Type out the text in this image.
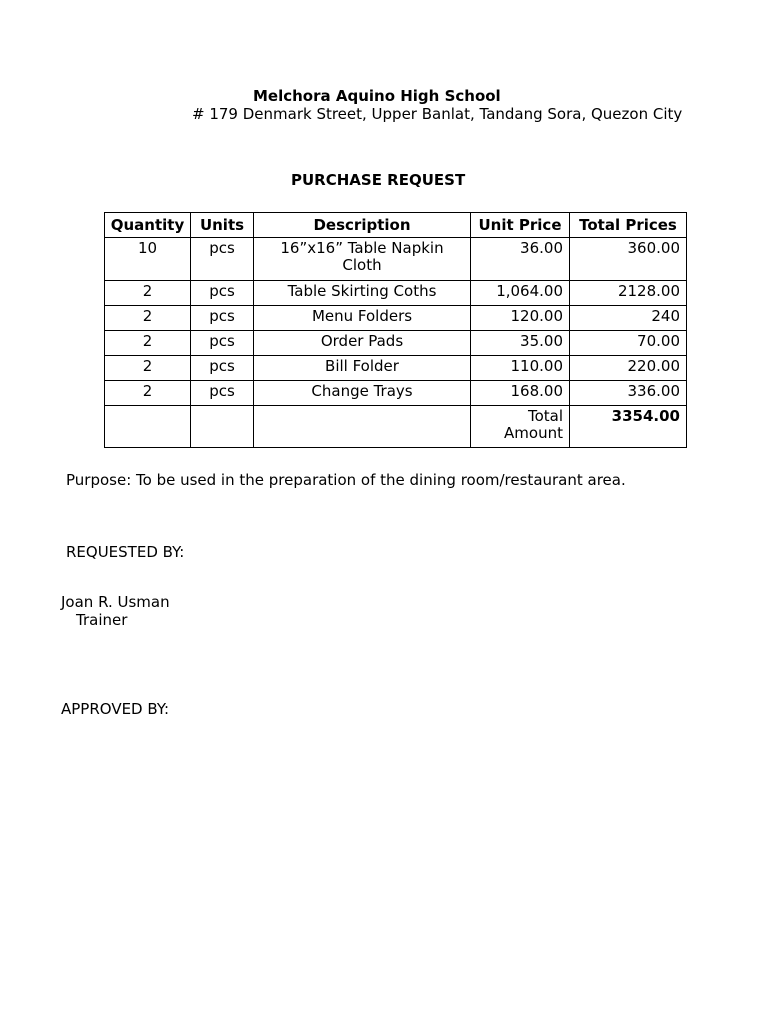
Melchora Aquino High School
# 179 Denmark Street, Upper Banlat, Tandang Sora, Quezon City
PURCHASE REQUEST
Quantity	Units	Description	Unit Price	Total Prices
10	pcs	16”x16” Table Napkin Cloth	36.00	360.00
2	pcs	Table Skirting Coths	1,064.00	2128.00
2	pcs	Menu Folders	120.00	240
2	pcs	Order Pads	35.00	70.00
2	pcs	Bill Folder	110.00	220.00
2	pcs	Change Trays	168.00	336.00
			Total Amount	3354.00
Purpose: To be used in the preparation of the dining room/restaurant area.
REQUESTED BY:
Joan R. Usman
Trainer
APPROVED BY:
